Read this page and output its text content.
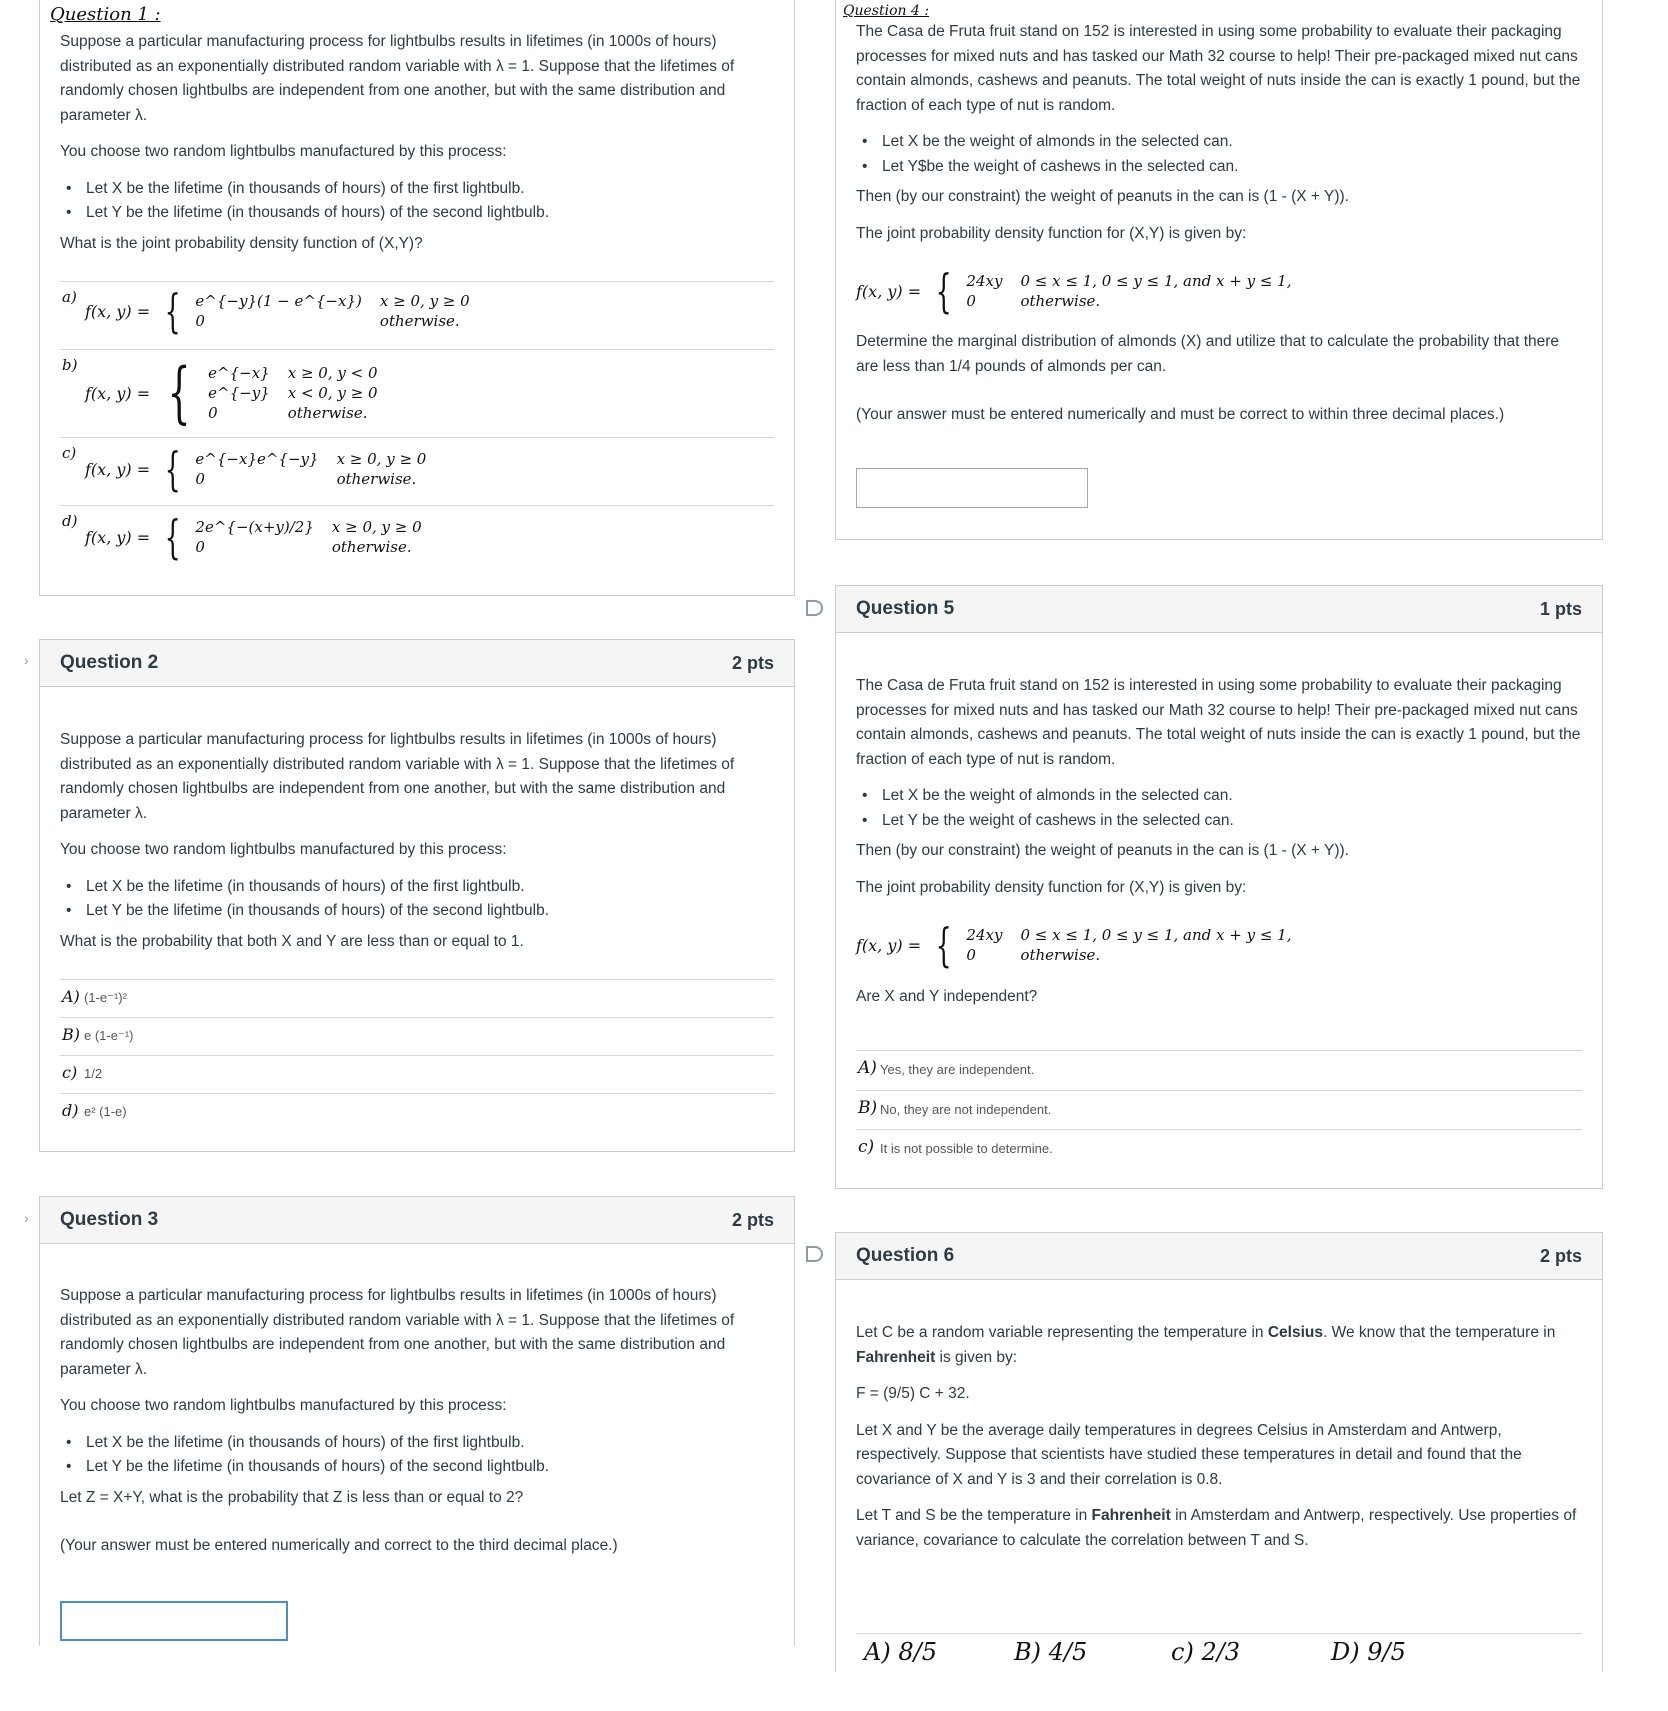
Question 1 :

Suppose a particular manufacturing process for lightbulbs results in lifetimes (in 1000s of hours) distributed as an exponentially distributed random variable with λ = 1. Suppose that the lifetimes of randomly chosen lightbulbs are independent from one another, but with the same distribution and parameter λ.

You choose two random lightbulbs manufactured by this process:

• Let X be the lifetime (in thousands of hours) of the first lightbulb.
• Let Y be the lifetime (in thousands of hours) of the second lightbulb.

What is the joint probability density function of (X,Y)?

a)
f(x, y) = { e^{−y}(1 − e^{−x}) x ≥ 0, y ≥ 0
0	otherwise.
b)
f(x, y) = { e^{−x} x ≥ 0, y < 0
e^{−y} x < 0, y ≥ 0
0	otherwise.
c)
f(x, y) = { e^{−x}e^{−y} x ≥ 0, y ≥ 0
0	otherwise.
d)
f(x, y) = { 2e^{−(x+y)/2} x ≥ 0, y ≥ 0
0	otherwise.
› Question 2	2 pts

Suppose a particular manufacturing process for lightbulbs results in lifetimes (in 1000s of hours) distributed as an exponentially distributed random variable with λ = 1. Suppose that the lifetimes of randomly chosen lightbulbs are independent from one another, but with the same distribution and parameter λ.

You choose two random lightbulbs manufactured by this process:

• Let X be the lifetime (in thousands of hours) of the first lightbulb.
• Let Y be the lifetime (in thousands of hours) of the second lightbulb.

What is the probability that both X and Y are less than or equal to 1.

A) (1-e⁻¹)²
B) e (1-e⁻¹)
c) 1/2
d) e² (1-e)
› Question 3	2 pts

Suppose a particular manufacturing process for lightbulbs results in lifetimes (in 1000s of hours) distributed as an exponentially distributed random variable with λ = 1. Suppose that the lifetimes of randomly chosen lightbulbs are independent from one another, but with the same distribution and parameter λ.

You choose two random lightbulbs manufactured by this process:

• Let X be the lifetime (in thousands of hours) of the first lightbulb.
• Let Y be the lifetime (in thousands of hours) of the second lightbulb.

Let Z = X+Y, what is the probability that Z is less than or equal to 2?

(Your answer must be entered numerically and correct to the third decimal place.)

Question 4 :

The Casa de Fruta fruit stand on 152 is interested in using some probability to evaluate their packaging processes for mixed nuts and has tasked our Math 32 course to help! Their pre-packaged mixed nut cans contain almonds, cashews and peanuts. The total weight of nuts inside the can is exactly 1 pound, but the fraction of each type of nut is random.

• Let X be the weight of almonds in the selected can.
• Let Y$be the weight of cashews in the selected can.

Then (by our constraint) the weight of peanuts in the can is (1 - (X + Y)).

The joint probability density function for (X,Y) is given by:

f(x, y) = { 24xy 0 ≤ x ≤ 1, 0 ≤ y ≤ 1, and x + y ≤ 1,
0	otherwise.

Determine the marginal distribution of almonds (X) and utilize that to calculate the probability that there are less than 1/4 pounds of almonds per can.

(Your answer must be entered numerically and must be correct to within three decimal places.)

Question 5	1 pts

The Casa de Fruta fruit stand on 152 is interested in using some probability to evaluate their packaging processes for mixed nuts and has tasked our Math 32 course to help! Their pre-packaged mixed nut cans contain almonds, cashews and peanuts. The total weight of nuts inside the can is exactly 1 pound, but the fraction of each type of nut is random.

• Let X be the weight of almonds in the selected can.
• Let Y be the weight of cashews in the selected can.

Then (by our constraint) the weight of peanuts in the can is (1 - (X + Y)).

The joint probability density function for (X,Y) is given by:

f(x, y) = { 24xy 0 ≤ x ≤ 1, 0 ≤ y ≤ 1, and x + y ≤ 1,
0	otherwise.

Are X and Y independent?

A) Yes, they are independent.
B) No, they are not independent.
c) It is not possible to determine.
Question 6	2 pts

Let C be a random variable representing the temperature in Celsius. We know that the temperature in Fahrenheit is given by:

F = (9/5) C + 32.

Let X and Y be the average daily temperatures in degrees Celsius in Amsterdam and Antwerp, respectively. Suppose that scientists have studied these temperatures in detail and found that the covariance of X and Y is 3 and their correlation is 0.8.

Let T and S be the temperature in Fahrenheit in Amsterdam and Antwerp, respectively. Use properties of variance, covariance to calculate the correlation between T and S.

A) 8/5	B) 4/5	c) 2/3	D) 9/5
